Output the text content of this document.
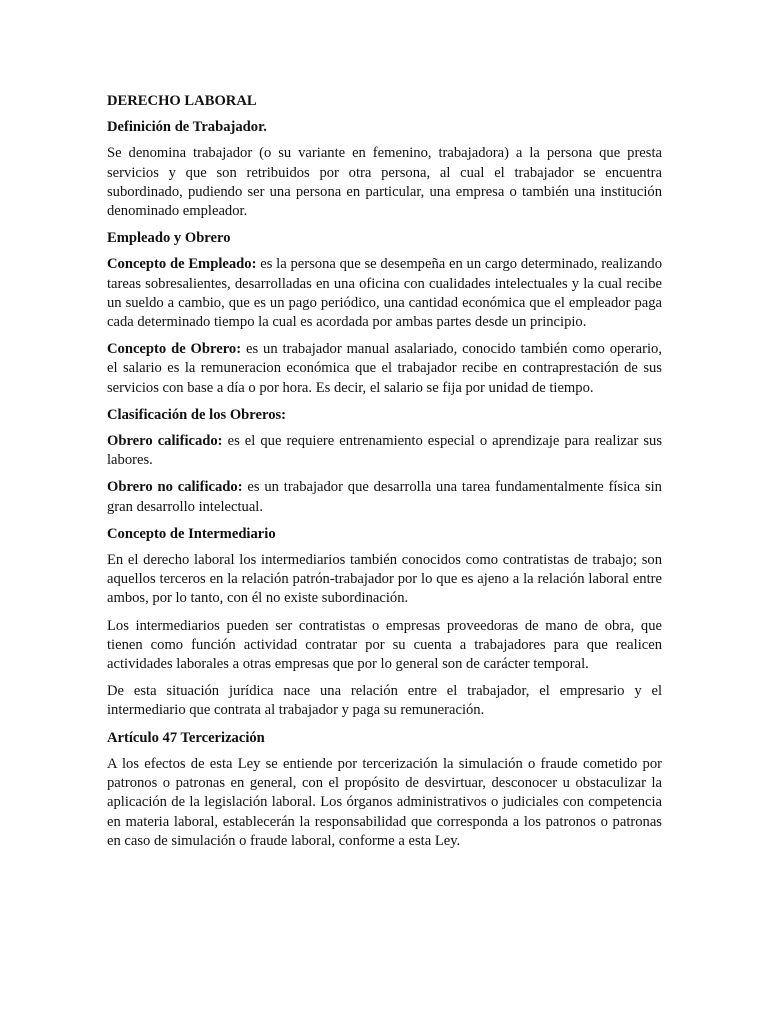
DERECHO LABORAL
Definición de Trabajador.

Se denomina trabajador (o su variante en femenino, trabajadora) a la persona que presta servicios y que son retribuidos por otra persona, al cual el trabajador se encuentra subordinado, pudiendo ser una persona en particular, una empresa o también una institución denominado empleador.

Empleado y Obrero

Concepto de Empleado: es la persona que se desempeña en un cargo determinado, realizando tareas sobresalientes, desarrolladas en una oficina con cualidades intelectuales y la cual recibe un sueldo a cambio, que es un pago periódico, una cantidad económica que el empleador paga cada determinado tiempo la cual es acordada por ambas partes desde un principio.

Concepto de Obrero: es un trabajador manual asalariado, conocido también como operario, el salario es la remuneracion económica que el trabajador recibe en contraprestación de sus servicios con base a día o por hora. Es decir, el salario se fija por unidad de tiempo.

Clasificación de los Obreros:

Obrero calificado: es el que requiere entrenamiento especial o aprendizaje para realizar sus labores.

Obrero no calificado: es un trabajador que desarrolla una tarea fundamentalmente física sin gran desarrollo intelectual.

Concepto de Intermediario

En el derecho laboral los intermediarios también conocidos como contratistas de trabajo; son aquellos terceros en la relación patrón-trabajador por lo que es ajeno a la relación laboral entre ambos, por lo tanto, con él no existe subordinación.

Los intermediarios pueden ser contratistas o empresas proveedoras de mano de obra, que tienen como función actividad contratar por su cuenta a trabajadores para que realicen actividades laborales a otras empresas que por lo general son de carácter temporal.

De esta situación jurídica nace una relación entre el trabajador, el empresario y el intermediario que contrata al trabajador y paga su remuneración.

Artículo 47 Tercerización

A los efectos de esta Ley se entiende por tercerización la simulación o fraude cometido por patronos o patronas en general, con el propósito de desvirtuar, desconocer u obstaculizar la aplicación de la legislación laboral. Los órganos administrativos o judiciales con competencia en materia laboral, establecerán la responsabilidad que corresponda a los patronos o patronas en caso de simulación o fraude laboral, conforme a esta Ley.
